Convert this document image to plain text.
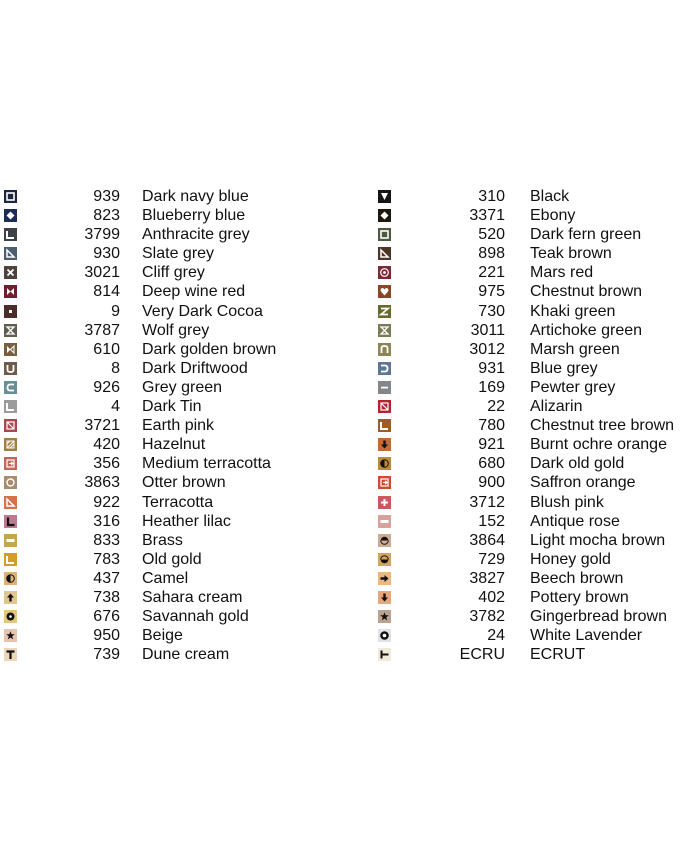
939 Dark navy blue
823 Blueberry blue
3799 Anthracite grey
930 Slate grey
3021 Cliff grey
814 Deep wine red
9 Very Dark Cocoa
3787 Wolf grey
610 Dark golden brown
8 Dark Driftwood
926 Grey green
4 Dark Tin
3721 Earth pink
420 Hazelnut
356 Medium terracotta
3863 Otter brown
922 Terracotta
316 Heather lilac
833 Brass
783 Old gold
437 Camel
738 Sahara cream
676 Savannah gold
950 Beige
739 Dune cream
310 Black
3371 Ebony
520 Dark fern green
898 Teak brown
221 Mars red
975 Chestnut brown
730 Khaki green
3011 Artichoke green
3012 Marsh green
931 Blue grey
169 Pewter grey
22 Alizarin
780 Chestnut tree brown
921 Burnt ochre orange
680 Dark old gold
900 Saffron orange
3712 Blush pink
152 Antique rose
3864 Light mocha brown
729 Honey gold
3827 Beech brown
402 Pottery brown
3782 Gingerbread brown
24 White Lavender
ECRU ECRUT
